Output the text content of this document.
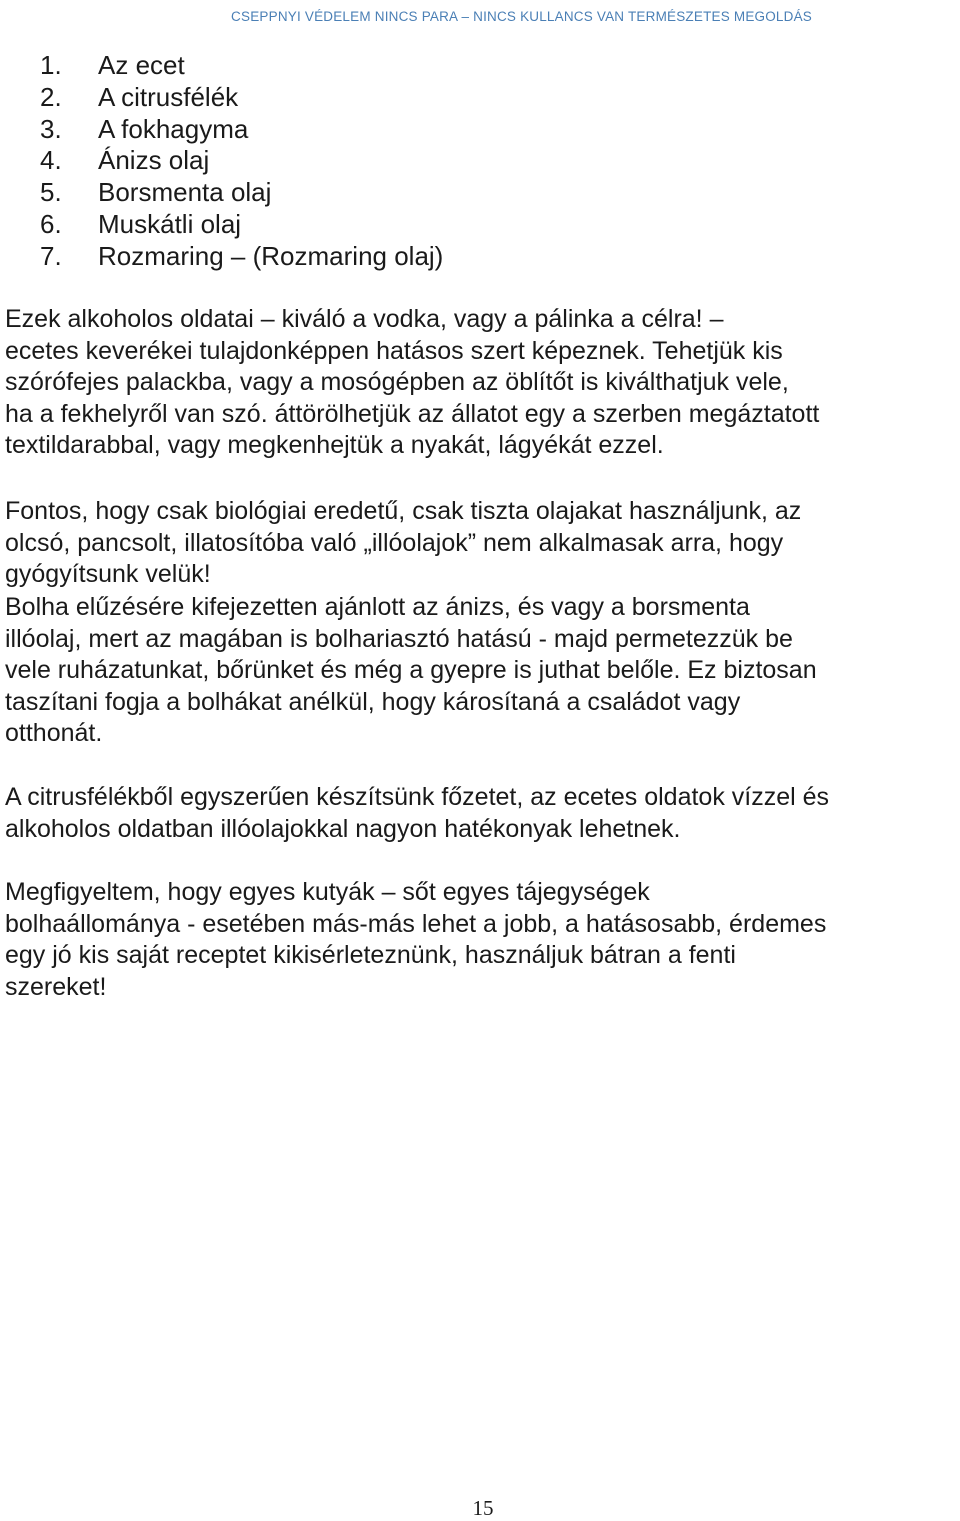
CSEPPNYI VÉDELEM NINCS PARA – NINCS KULLANCS VAN TERMÉSZETES MEGOLDÁS
1.	Az ecet
2.	A citrusfélék
3.	A fokhagyma
4.	Ánizs olaj
5.	Borsmenta olaj
6.	Muskátli olaj
7.	Rozmaring – (Rozmaring olaj)

Ezek alkoholos oldatai – kiváló a vodka, vagy a pálinka a célra! –
ecetes keverékei tulajdonképpen hatásos szert képeznek. Tehetjük kis
szórófejes palackba, vagy a mosógépben az öblítőt is kiválthatjuk vele,
ha a fekhelyről van szó. áttörölhetjük az állatot egy a szerben megáztatott
textildarabbal, vagy megkenhejtük a nyakát, lágyékát ezzel.

Fontos, hogy csak biológiai eredetű, csak tiszta olajakat használjunk, az
olcsó, pancsolt, illatosítóba való „illóolajok” nem alkalmasak arra, hogy
gyógyítsunk velük!

Bolha elűzésére kifejezetten ajánlott az ánizs, és vagy a borsmenta
illóolaj, mert az magában is bolhariasztó hatású - majd permetezzük be
vele ruházatunkat, bőrünket és még a gyepre is juthat belőle. Ez biztosan
taszítani fogja a bolhákat anélkül, hogy károsítaná a családot vagy
otthonát.

A citrusfélékből egyszerűen készítsünk főzetet, az ecetes oldatok vízzel és
alkoholos oldatban illóolajokkal nagyon hatékonyak lehetnek.

Megfigyeltem, hogy egyes kutyák – sőt egyes tájegységek
bolhaállománya - esetében más-más lehet a jobb, a hatásosabb, érdemes
egy jó kis saját receptet kikisérleteznünk, használjuk bátran a fenti
szereket!

15
